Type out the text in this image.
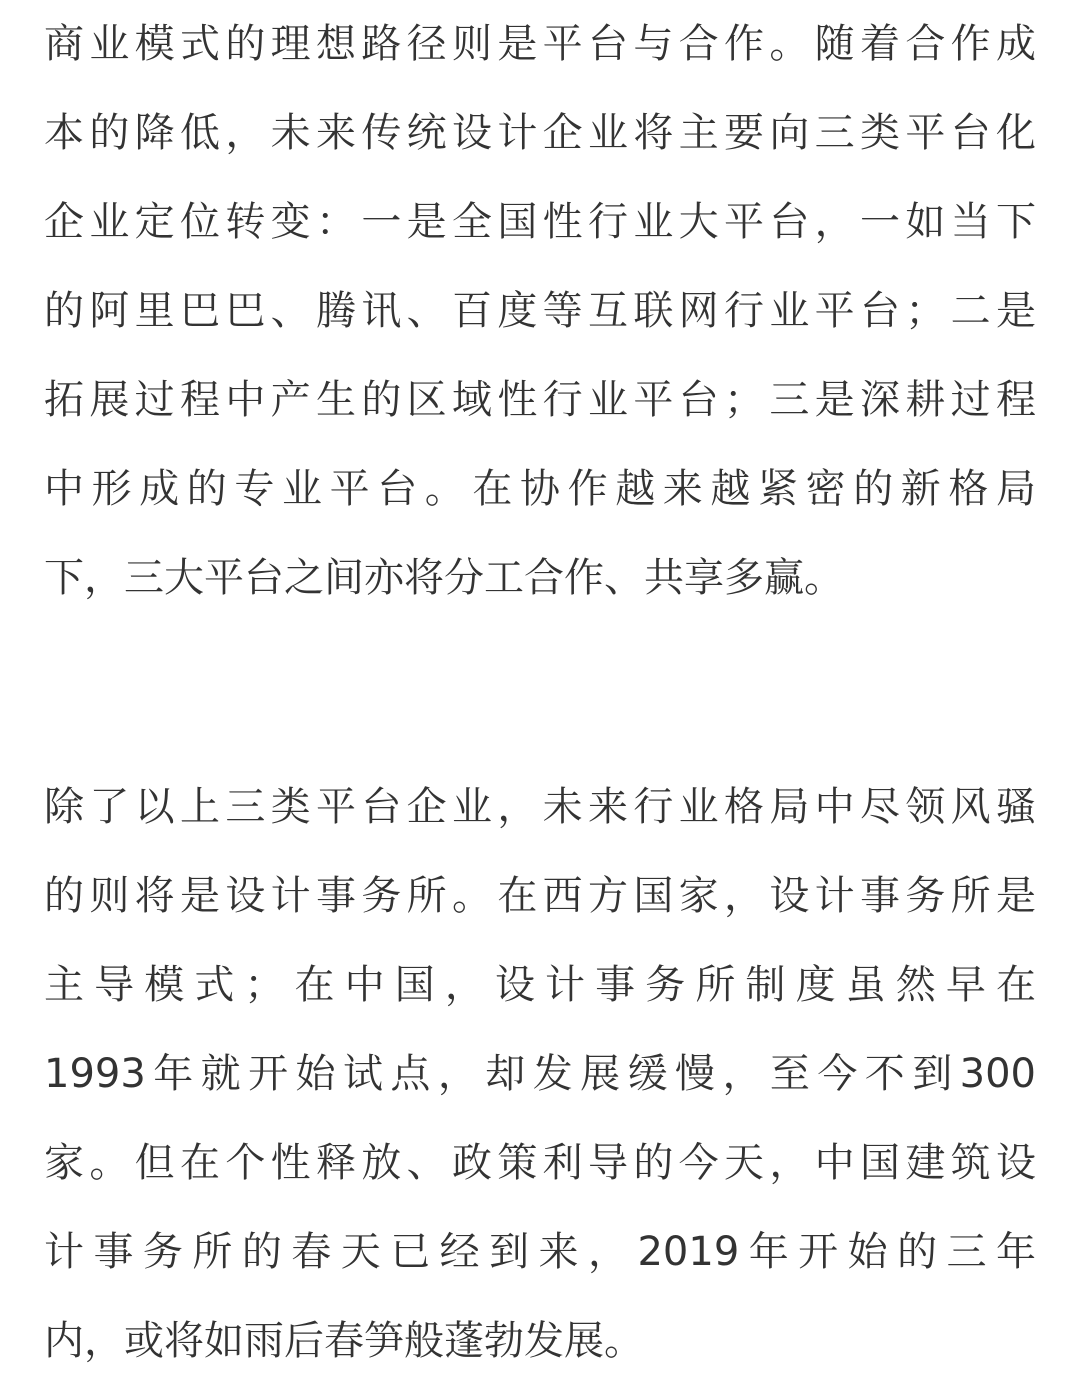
商业模式的理想路径则是平台与合作。随着合作成
本的降低，未来传统设计企业将主要向三类平台化
企业定位转变：一是全国性行业大平台，一如当下
的阿里巴巴、腾讯、百度等互联网行业平台；二是
拓展过程中产生的区域性行业平台；三是深耕过程
中形成的专业平台。在协作越来越紧密的新格局
下，三大平台之间亦将分工合作、共享多赢。
除了以上三类平台企业，未来行业格局中尽领风骚
的则将是设计事务所。在西方国家，设计事务所是
主导模式；在中国，设计事务所制度虽然早在
1993年就开始试点，却发展缓慢，至今不到300
家。但在个性释放、政策利导的今天，中国建筑设
计事务所的春天已经到来，2019年开始的三年
内，或将如雨后春笋般蓬勃发展。
